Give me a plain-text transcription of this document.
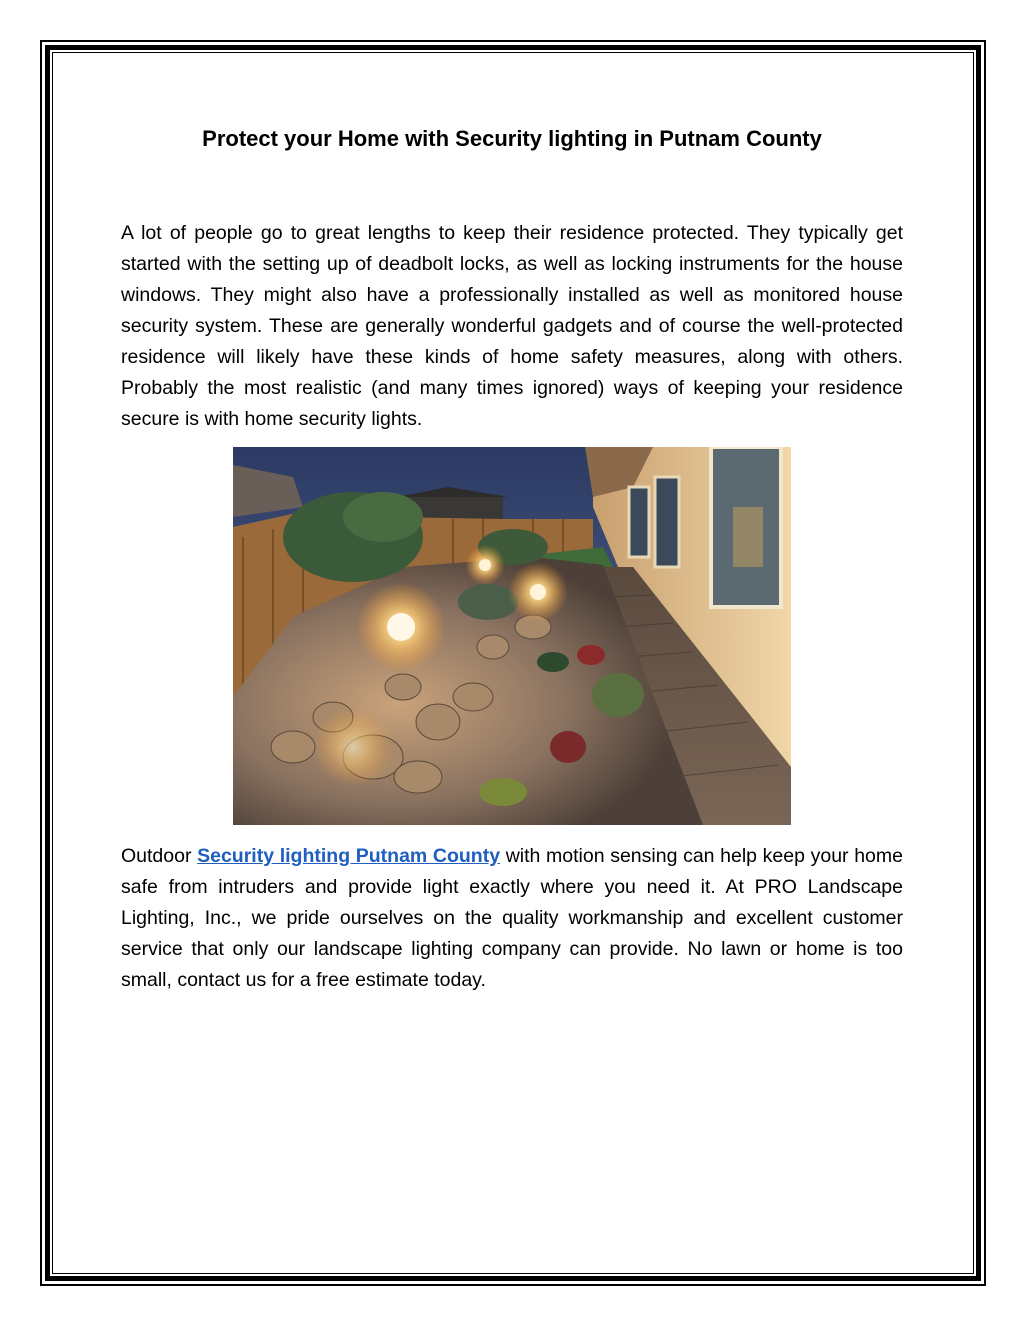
Protect your Home with Security lighting in Putnam County

A lot of people go to great lengths to keep their residence protected. They typically get started with the setting up of deadbolt locks, as well as locking instruments for the house windows. They might also have a professionally installed as well as monitored house security system. These are generally wonderful gadgets and of course the well-protected residence will likely have these kinds of home safety measures, along with others. Probably the most realistic (and many times ignored) ways of keeping your residence secure is with home security lights.

Outdoor Security lighting Putnam County with motion sensing can help keep your home safe from intruders and provide light exactly where you need it. At PRO Landscape Lighting, Inc., we pride ourselves on the quality workmanship and excellent customer service that only our landscape lighting company can provide. No lawn or home is too small, contact us for a free estimate today.
